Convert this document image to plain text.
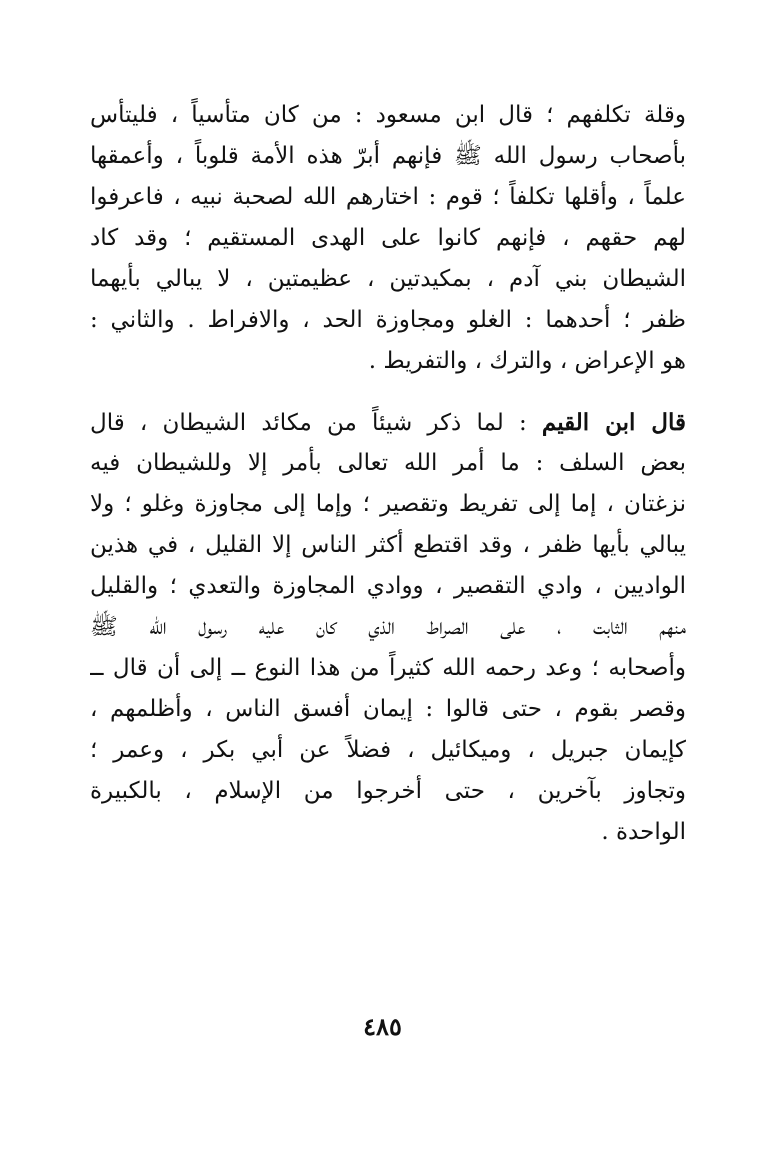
وقلة تكلفهم ؛ قال ابن مسعود : من كان متأسياً ، فليتأس
بأصحاب رسول الله ﷺ فإنهم أبرّ هذه الأمة قلوباً ، وأعمقها
علماً ، وأقلها تكلفاً ؛ قوم : اختارهم الله لصحبة نبيه ، فاعرفوا
لهم حقهم ، فإنهم كانوا على الهدى المستقيم ؛ وقد كاد
الشيطان بني آدم ، بمكيدتين ، عظيمتين ، لا يبالي بأيهما
ظفر ؛ أحدهما : الغلو ومجاوزة الحد ، والافراط . والثاني :
هو الإعراض ، والترك ، والتفريط .
قال ابن القيم : لما ذكر شيئاً من مكائد الشيطان ، قال
بعض السلف : ما أمر الله تعالى بأمر إلا وللشيطان فيه
نزغتان ، إما إلى تفريط وتقصير ؛ وإما إلى مجاوزة وغلو ؛ ولا
يبالي بأيها ظفر ، وقد اقتطع أكثر الناس إلا القليل ، في هذين
الواديين ، وادي التقصير ، ووادي المجاوزة والتعدي ؛ والقليل
منهم الثابت ، على الصراط الذي كان عليه رسول الله ﷺ
وأصحابه ؛ وعد رحمه الله كثيراً من هذا النوع ــ إلى أن قال ــ
وقصر بقوم ، حتى قالوا : إيمان أفسق الناس ، وأظلمهم ،
كإيمان جبريل ، وميكائيل ، فضلاً عن أبي بكر ، وعمر ؛
وتجاوز بآخرين ، حتى أخرجوا من الإسلام ، بالكبيرة
الواحدة .
٤٨٥
